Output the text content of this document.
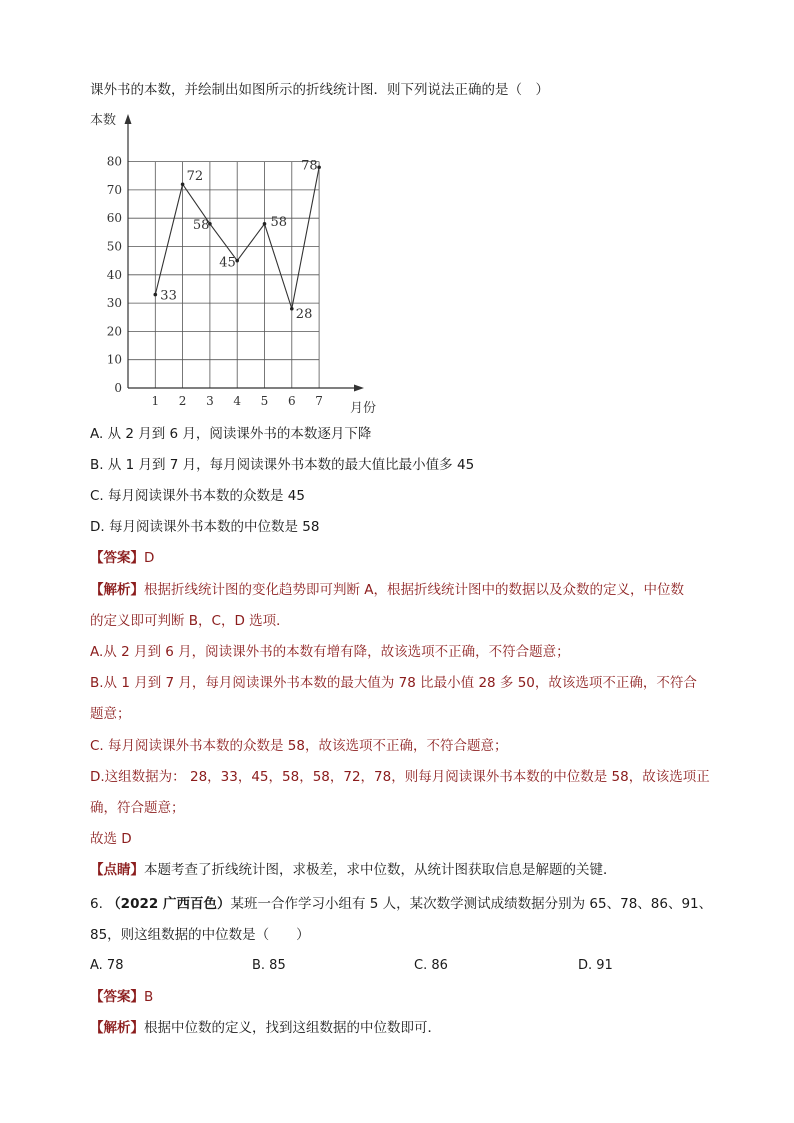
课外书的本数，并绘制出如图所示的折线统计图．则下列说法正确的是（　）
0
10
20
30
40
50
60
70
80
1 2 3 4 5 6 7
33
72
58
45
58
28
78
本数
月份
A. 从 2 月到 6 月，阅读课外书的本数逐月下降
B. 从 1 月到 7 月，每月阅读课外书本数的最大值比最小值多 45
C. 每月阅读课外书本数的众数是 45
D. 每月阅读课外书本数的中位数是 58
【答案】D
【解析】根据折线统计图的变化趋势即可判断 A，根据折线统计图中的数据以及众数的定义，中位数
的定义即可判断 B，C，D 选项．
A.从 2 月到 6 月，阅读课外书的本数有增有降，故该选项不正确，不符合题意；
B.从 1 月到 7 月，每月阅读课外书本数的最大值为 78 比最小值 28 多 50，故该选项不正确，不符合
题意；
C. 每月阅读课外书本数的众数是 58，故该选项不正确，不符合题意；
D.这组数据为： 28，33，45，58，58，72，78，则每月阅读课外书本数的中位数是 58，故该选项正
确，符合题意；
故选 D
【点睛】本题考查了折线统计图，求极差，求中位数，从统计图获取信息是解题的关键．
6. （2022 广西百色）某班一合作学习小组有 5 人，某次数学测试成绩数据分别为 65、78、86、91、
85，则这组数据的中位数是（　　）
A. 78	B. 85	C. 86	D. 91
【答案】B
【解析】根据中位数的定义，找到这组数据的中位数即可．
